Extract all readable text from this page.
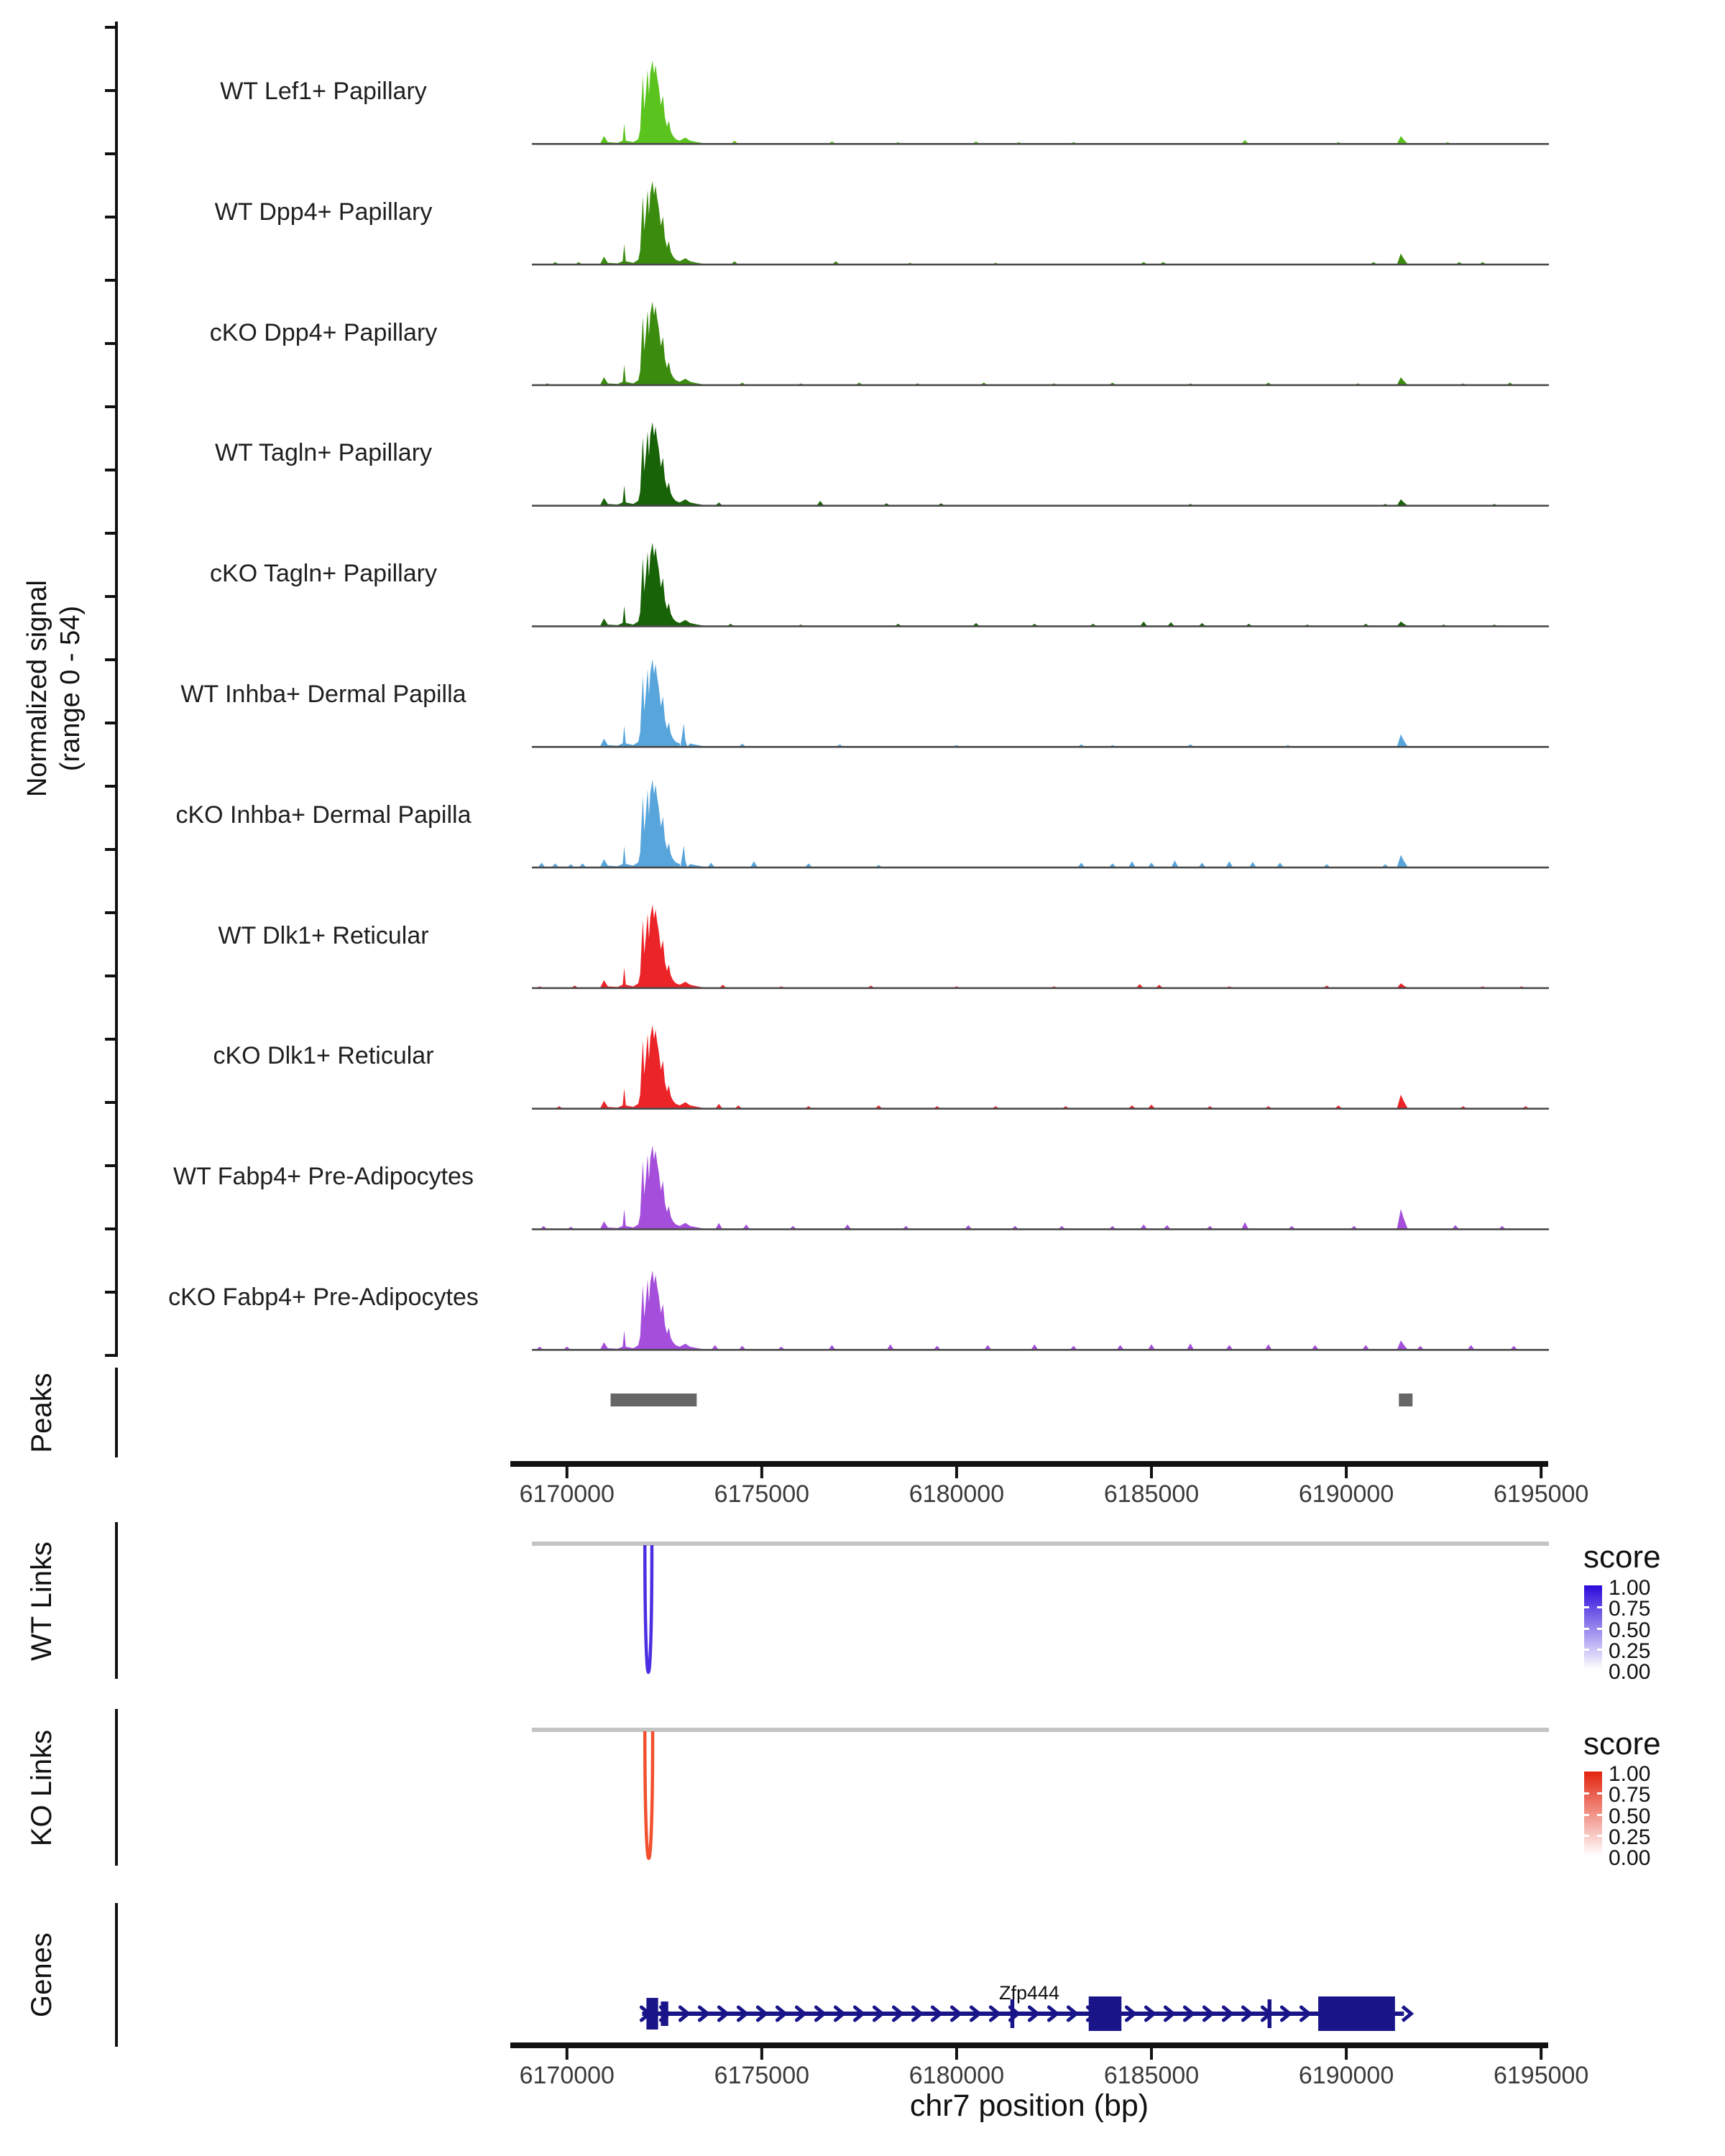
Normalized signal (range 0 - 54)
Peaks
WT Links
KO Links
Genes
WT Lef1+ Papillary
WT Dpp4+ Papillary
cKO Dpp4+ Papillary
WT Tagln+ Papillary
cKO Tagln+ Papillary
WT Inhba+ Dermal Papilla
cKO Inhba+ Dermal Papilla
WT Dlk1+ Reticular
cKO Dlk1+ Reticular
WT Fabp4+ Pre-Adipocytes
cKO Fabp4+ Pre-Adipocytes
6170000	6175000	6180000	6185000	6190000	6195000
6170000	6175000	6180000	6185000	6190000	6195000
score
1.00
0.75
0.50
0.25
0.00
score
1.00
0.75
0.50
0.25
0.00
Zfp444
chr7 position (bp)
